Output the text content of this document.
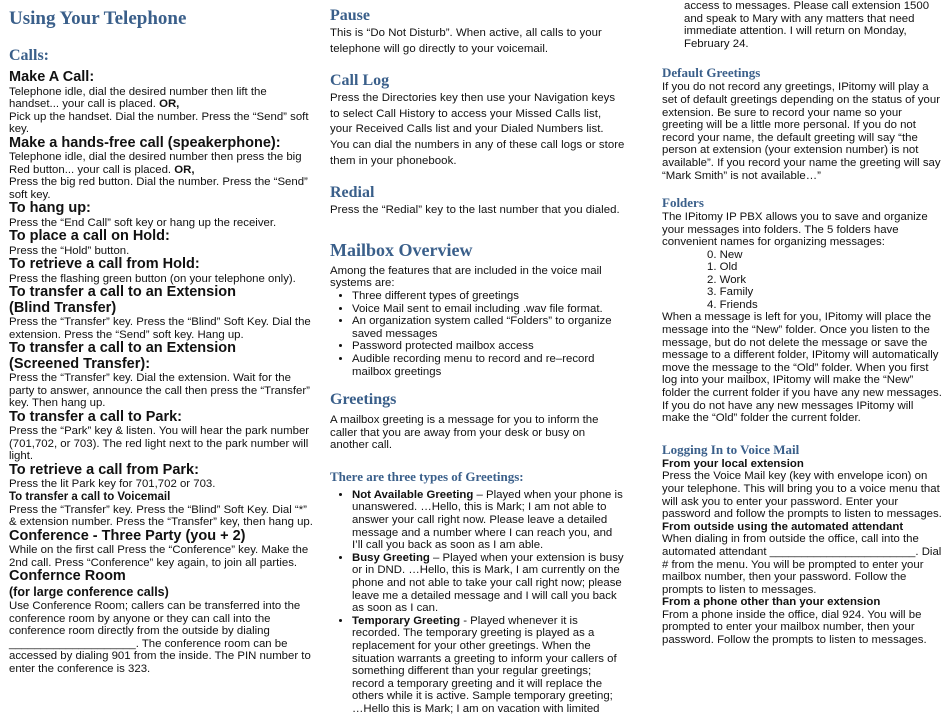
Using Your Telephone
Calls:
Make A Call:

Telephone idle, dial the desired number then lift the handset... your call is placed. OR,
Pick up the handset. Dial the number. Press the “Send” soft key.

Make a hands-free call (speakerphone):

Telephone idle, dial the desired number then press the big Red button... your call is placed. OR,
Press the big red button. Dial the number. Press the “Send” soft key.

To hang up:

Press the “End Call” soft key or hang up the receiver.

To place a call on Hold:

Press the “Hold” button.

To retrieve a call from Hold:

Press the flashing green button (on your telephone only).

To transfer a call to an Extension
(Blind Transfer)

Press the “Transfer” key. Press the “Blind” Soft Key. Dial the extension. Press the “Send” soft key. Hang up.

To transfer a call to an Extension
(Screened Transfer):

Press the “Transfer” key. Dial the extension. Wait for the party to answer, announce the call then press the “Transfer” key. Then hang up.

To transfer a call to Park:

Press the “Park” key & listen. You will hear the park number (701,702, or 703). The red light next to the park number will light.

To retrieve a call from Park:

Press the lit Park key for 701,702 or 703.

To transfer a call to Voicemail

Press the “Transfer” key. Press the “Blind” Soft Key. Dial “*” & extension number. Press the “Transfer” key, then hang up.

Conference - Three Party (you + 2)

While on the first call Press the “Conference” key. Make the 2nd call. Press “Conference” key again, to join all parties.

Confernce Room
(for large conference calls)

Use Conference Room; callers can be transferred into the conference room by anyone or they can call into the conference room directly from the outside by dialing ____________________. The conference room can be accessed by dialing 901 from the inside. The PIN number to enter the conference is 323.

Pause

This is “Do Not Disturb”. When active, all calls to your telephone will go directly to your voicemail.

Call Log

Press the Directories key then use your Navigation keys to select Call History to access your Missed Calls list, your Received Calls list and your Dialed Numbers list. You can dial the numbers in any of these call logs or store them in your phonebook.

Redial

Press the “Redial” key to the last number that you dialed.

Mailbox Overview

Among the features that are included in the voice mail systems are:

• Three different types of greetings
• Voice Mail sent to email including .wav file format.
• An organization system called “Folders” to organize saved messages
• Password protected mailbox access
• Audible recording menu to record and re–record mailbox greetings
Greetings

A mailbox greeting is a message for you to inform the caller that you are away from your desk or busy on another call.

There are three types of Greetings:
• Not Available Greeting – Played when your phone is unanswered. …Hello, this is Mark; I am not able to answer your call right now. Please leave a detailed message and a number where I can reach you, and I’ll call you back as soon as I am able.
• Busy Greeting – Played when your extension is busy or in DND. …Hello, this is Mark, I am currently on the phone and not able to take your call right now; please leave me a detailed message and I will call you back as soon as I can.
• Temporary Greeting - Played whenever it is recorded. The temporary greeting is played as a replacement for your other greetings. When the situation warrants a greeting to inform your callers of something different than your regular greetings; record a temporary greeting and it will replace the others while it is active. Sample temporary greeting; …Hello this is Mark; I am on vacation with limited

access to messages. Please call extension 1500 and speak to Mary with any matters that need immediate attention. I will return on Monday, February 24.

Default Greetings

If you do not record any greetings, IPitomy will play a set of default greetings depending on the status of your extension. Be sure to record your name so your greeting will be a little more personal. If you do not record your name, the default greeting will say “the person at extension (your extension number) is not available”. If you record your name the greeting will say “Mark Smith” is not available…”

Folders

The IPitomy IP PBX allows you to save and organize your messages into folders. The 5 folders have convenient names for organizing messages:

0. New
1. Old
2. Work
3. Family
4. Friends

When a message is left for you, IPitomy will place the message into the “New” folder. Once you listen to the message, but do not delete the message or save the message to a different folder, IPitomy will automatically move the message to the “Old” folder. When you first log into your mailbox, IPitomy will make the “New” folder the current folder if you have any new messages. If you do not have any new messages IPitomy will make the “Old” folder the current folder.

Logging In to Voice Mail

From your local extension

Press the Voice Mail key (key with envelope icon) on your telephone. This will bring you to a voice menu that will ask you to enter your password. Enter your password and follow the prompts to listen to messages.

From outside using the automated attendant

When dialing in from outside the office, call into the automated attendant _______________________. Dial # from the menu. You will be prompted to enter your mailbox number, then your password. Follow the prompts to listen to messages.

From a phone other than your extension

From a phone inside the office, dial 924. You will be prompted to enter your mailbox number, then your password. Follow the prompts to listen to messages.
